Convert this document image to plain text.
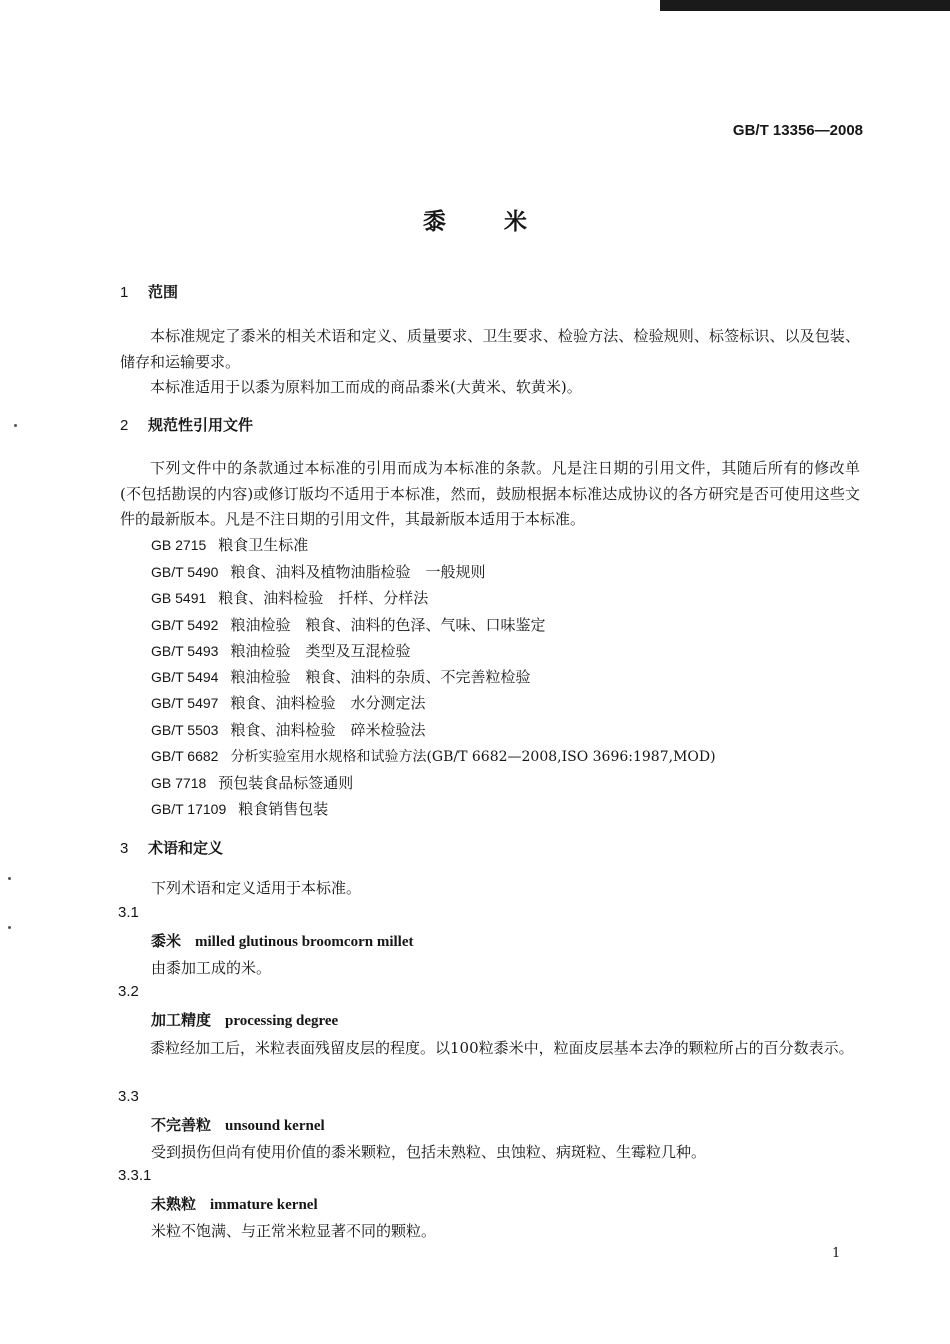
GB/T 13356—2008
黍米
1 范围
本标准规定了黍米的相关术语和定义、质量要求、卫生要求、检验方法、检验规则、标签标识、以及包装、储存和运输要求。
本标准适用于以黍为原料加工而成的商品黍米(大黄米、软黄米)。
2 规范性引用文件
下列文件中的条款通过本标准的引用而成为本标准的条款。凡是注日期的引用文件，其随后所有的修改单(不包括勘误的内容)或修订版均不适用于本标准，然而，鼓励根据本标准达成协议的各方研究是否可使用这些文件的最新版本。凡是不注日期的引用文件，其最新版本适用于本标准。
GB 2715 粮食卫生标准
GB/T 5490 粮食、油料及植物油脂检验　一般规则
GB 5491 粮食、油料检验　扦样、分样法
GB/T 5492 粮油检验　粮食、油料的色泽、气味、口味鉴定
GB/T 5493 粮油检验　类型及互混检验
GB/T 5494 粮油检验　粮食、油料的杂质、不完善粒检验
GB/T 5497 粮食、油料检验　水分测定法
GB/T 5503 粮食、油料检验　碎米检验法
GB/T 6682 分析实验室用水规格和试验方法(GB/T 6682—2008,ISO 3696:1987,MOD)
GB 7718 预包装食品标签通则
GB/T 17109 粮食销售包装
3 术语和定义
下列术语和定义适用于本标准。
3.1
黍米 milled glutinous broomcorn millet
由黍加工成的米。
3.2
加工精度 processing degree
黍粒经加工后，米粒表面残留皮层的程度。以100粒黍米中，粒面皮层基本去净的颗粒所占的百分数表示。
3.3
不完善粒 unsound kernel
受到损伤但尚有使用价值的黍米颗粒，包括未熟粒、虫蚀粒、病斑粒、生霉粒几种。
3.3.1
未熟粒 immature kernel
米粒不饱满、与正常米粒显著不同的颗粒。
1
